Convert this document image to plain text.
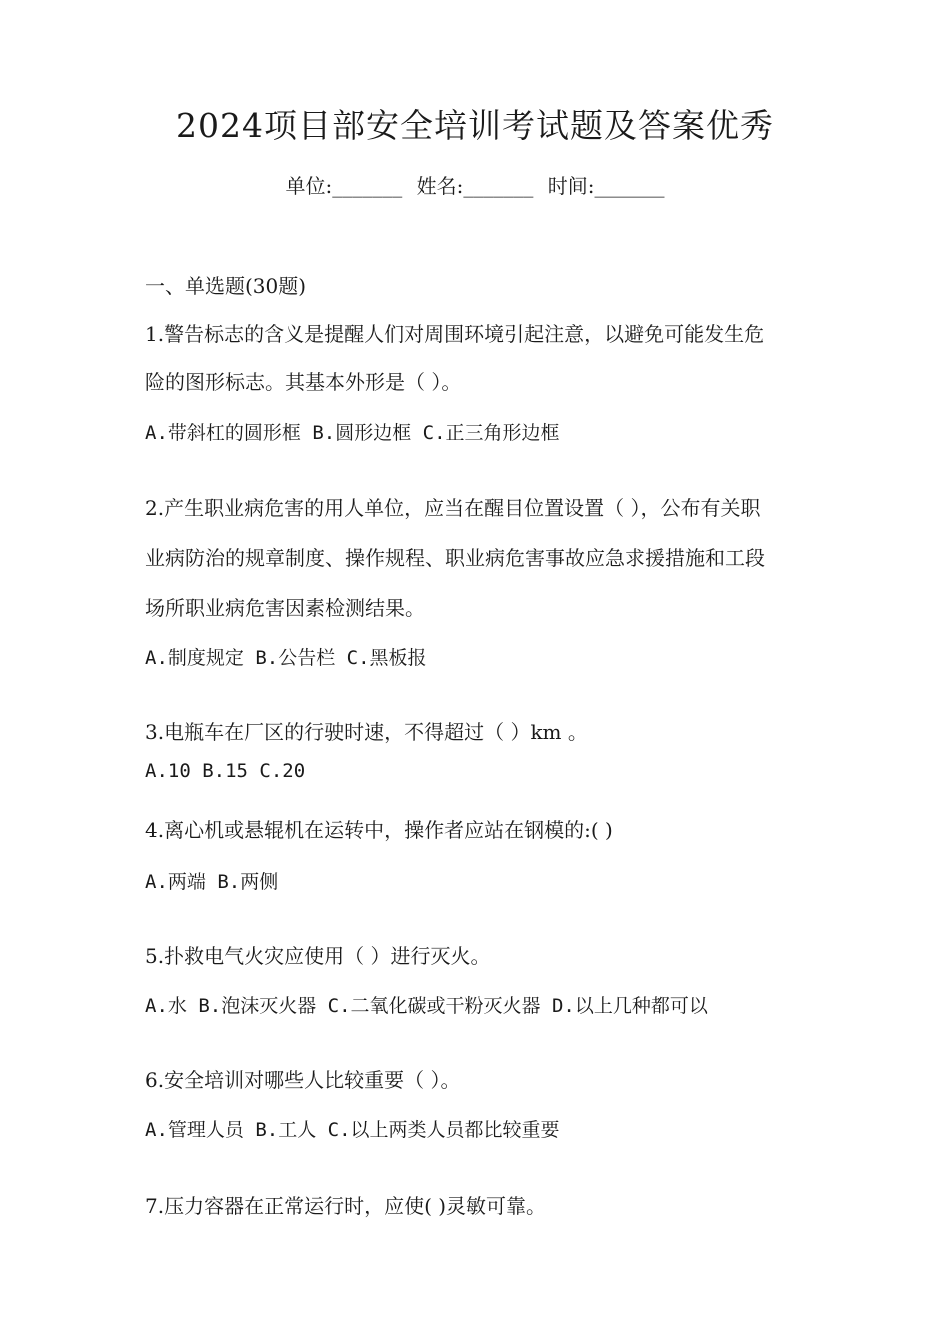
2024项目部安全培训考试题及答案优秀
单位:_______ 姓名:_______ 时间:_______
一、单选题(30题)
1.警告标志的含义是提醒人们对周围环境引起注意，以避免可能发生危
险的图形标志。其基本外形是（ ）。
A.带斜杠的圆形框 B.圆形边框 C.正三角形边框
2.产生职业病危害的用人单位，应当在醒目位置设置（ ），公布有关职
业病防治的规章制度、操作规程、职业病危害事故应急求援措施和工段
场所职业病危害因素检测结果。
A.制度规定 B.公告栏 C.黑板报
3.电瓶车在厂区的行驶时速，不得超过（ ）km 。
A.10 B.15 C.20
4.离心机或悬辊机在运转中，操作者应站在钢模的:( )
A.两端 B.两侧
5.扑救电气火灾应使用（ ）进行灭火。
A.水 B.泡沫灭火器 C.二氧化碳或干粉灭火器 D.以上几种都可以
6.安全培训对哪些人比较重要（ ）。
A.管理人员 B.工人 C.以上两类人员都比较重要
7.压力容器在正常运行时，应使( )灵敏可靠。
